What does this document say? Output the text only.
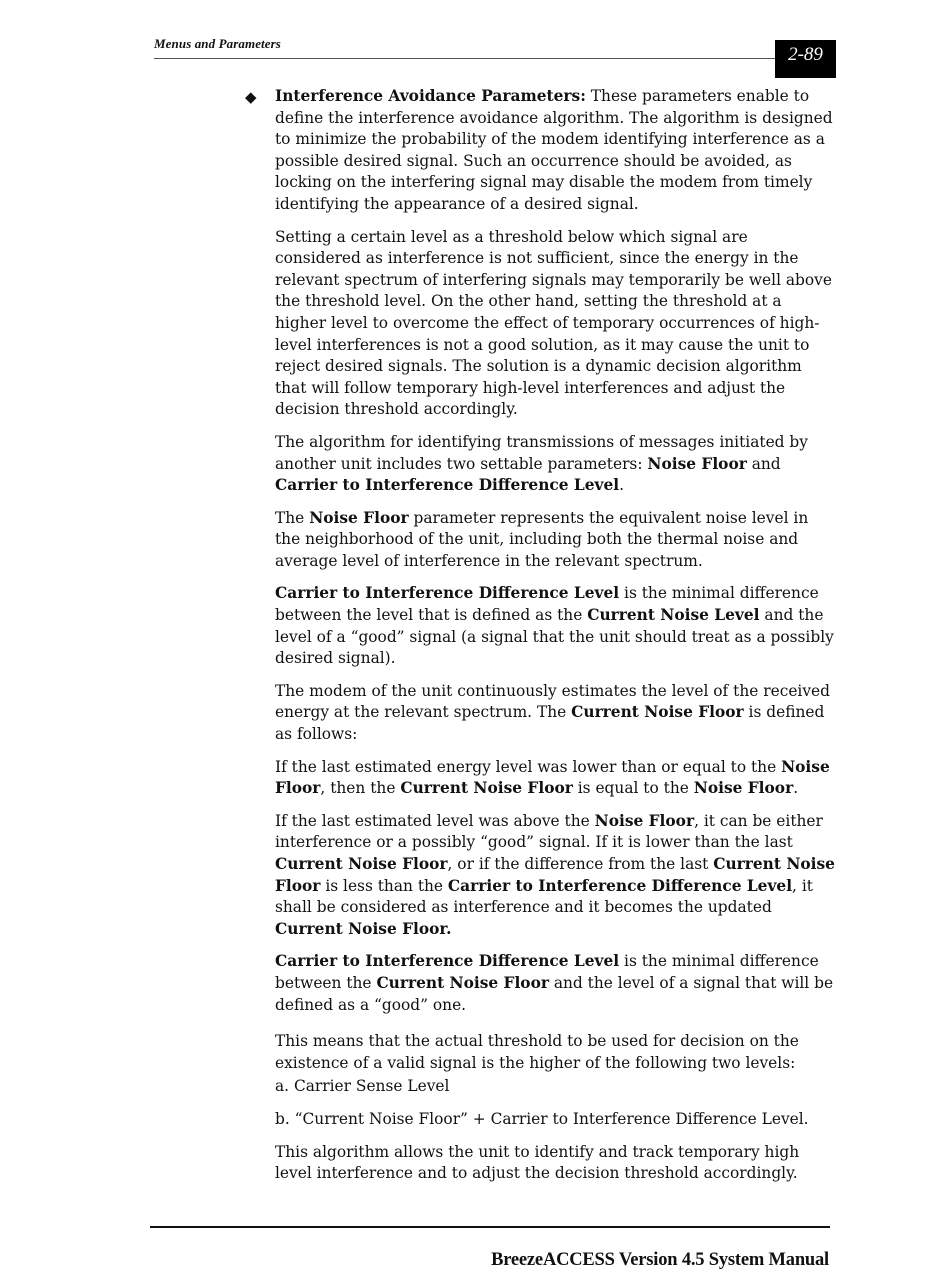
Menus and Parameters
2-89
◆ Interference Avoidance Parameters: These parameters enable to define the interference avoidance algorithm. The algorithm is designed to minimize the probability of the modem identifying interference as a possible desired signal. Such an occurrence should be avoided, as locking on the interfering signal may disable the modem from timely identifying the appearance of a desired signal.

Setting a certain level as a threshold below which signal are considered as interference is not sufficient, since the energy in the relevant spectrum of interfering signals may temporarily be well above the threshold level. On the other hand, setting the threshold at a higher level to overcome the effect of temporary occurrences of high-level interferences is not a good solution, as it may cause the unit to reject desired signals. The solution is a dynamic decision algorithm that will follow temporary high-level interferences and adjust the decision threshold accordingly.

The algorithm for identifying transmissions of messages initiated by another unit includes two settable parameters: Noise Floor and Carrier to Interference Difference Level.

The Noise Floor parameter represents the equivalent noise level in the neighborhood of the unit, including both the thermal noise and average level of interference in the relevant spectrum.

Carrier to Interference Difference Level is the minimal difference between the level that is defined as the Current Noise Level and the level of a “good” signal (a signal that the unit should treat as a possibly desired signal).

The modem of the unit continuously estimates the level of the received energy at the relevant spectrum. The Current Noise Floor is defined as follows:

If the last estimated energy level was lower than or equal to the Noise Floor, then the Current Noise Floor is equal to the Noise Floor.

If the last estimated level was above the Noise Floor, it can be either interference or a possibly “good” signal. If it is lower than the last Current Noise Floor, or if the difference from the last Current Noise Floor is less than the Carrier to Interference Difference Level, it shall be considered as interference and it becomes the updated Current Noise Floor.

Carrier to Interference Difference Level is the minimal difference between the Current Noise Floor and the level of a signal that will be defined as a “good” one.

This means that the actual threshold to be used for decision on the existence of a valid signal is the higher of the following two levels:

a. Carrier Sense Level

b. “Current Noise Floor” + Carrier to Interference Difference Level.

This algorithm allows the unit to identify and track temporary high level interference and to adjust the decision threshold accordingly.

BreezeACCESS Version 4.5 System Manual
